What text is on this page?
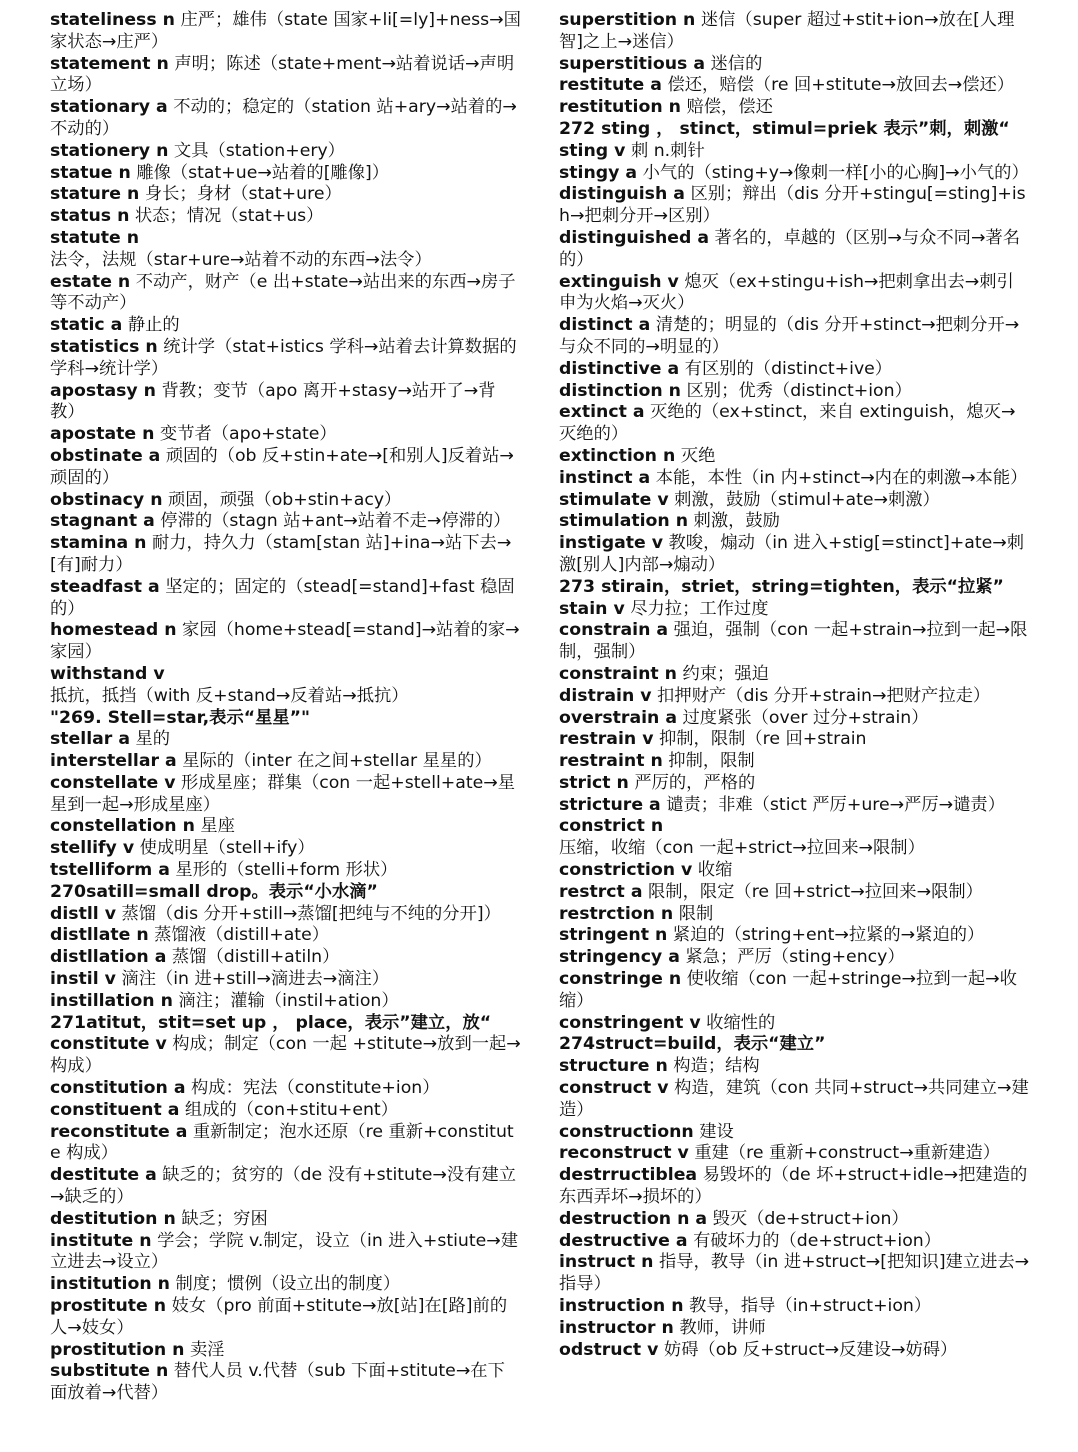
stateliness n 庄严；雄伟（state 国家+li[=ly]+ness→国家状态→庄严）

statement n 声明；陈述（state+ment→站着说话→声明立场）

stationary a 不动的；稳定的（station 站+ary→站着的→不动的）

stationery n 文具（station+ery）

statue n 雕像（stat+ue→站着的[雕像]）

stature n 身长；身材（stat+ure）

status n 状态；情况（stat+us）

statute n 法令，法规（star+ure→站着不动的东西→法令）

estate n 不动产，财产（e 出+state→站出来的东西→房子等不动产）

static a 静止的

statistics n 统计学（stat+istics 学科→站着去计算数据的学科→统计学）

apostasy n 背教；变节（apo 离开+stasy→站开了→背教）

apostate n 变节者（apo+state）

obstinate a 顽固的（ob 反+stin+ate→[和别人]反着站→顽固的）

obstinacy n 顽固，顽强（ob+stin+acy）

stagnant a 停滞的（stagn 站+ant→站着不走→停滞的）

stamina n 耐力，持久力（stam[stan 站]+ina→站下去→[有]耐力）

steadfast a 坚定的；固定的（stead[=stand]+fast 稳固的）

homestead n 家园（home+stead[=stand]→站着的家→家园）

withstand v 抵抗，抵挡（with 反+stand→反着站→抵抗）

"269. Stell=star,表示“星星”"

stellar a 星的

interstellar a 星际的（inter 在之间+stellar 星星的）

constellate v 形成星座；群集（con 一起+stell+ate→星星到一起→形成星座）

constellation n 星座

stellify v 使成明星（stell+ify）

tstelliform a 星形的（stelli+form 形状）

270satill=small drop。表示“小水滴”

distll v 蒸馏（dis 分开+still→蒸馏[把纯与不纯的分开]）

distllate n 蒸馏液（distill+ate）

distllation a 蒸馏（distill+atiln）

instil v 滴注（in 进+still→滴进去→滴注）

instillation n 滴注；灌输（instil+ation）

271atitut，stit=set up ， place，表示”建立，放“

constitute v 构成；制定（con 一起 +stitute→放到一起→构成）

constitution a 构成：宪法（constitute+ion）

constituent a 组成的（con+stitu+ent）

reconstitute a 重新制定；泡水还原（re 重新+constitute 构成）

destitute a 缺乏的；贫穷的（de 没有+stitute→没有建立→缺乏的）

destitution n 缺乏；穷困

institute n 学会；学院 v.制定，设立（in 进入+stiute→建立进去→设立）

institution n 制度；惯例（设立出的制度）

prostitute n 妓女（pro 前面+stitute→放[站]在[路]前的人→妓女）

prostitution n 卖淫

substitute n 替代人员 v.代替（sub 下面+stitute→在下面放着→代替）

superstition n 迷信（super 超过+stit+ion→放在[人理智]之上→迷信）

superstitious a 迷信的

restitute a 偿还，赔偿（re 回+stitute→放回去→偿还）

restitution n 赔偿，偿还

272 sting ， stinct，stimul=priek 表示”刺，刺激“

sting v 刺 n.刺针

stingy a 小气的（sting+y→像刺一样[小的心胸]→小气的）

distinguish a 区别；辩出（dis 分开+stingu[=sting]+ish→把刺分开→区别）

distinguished a 著名的，卓越的（区别→与众不同→著名的）

extinguish v 熄灭（ex+stingu+ish→把刺拿出去→刺引申为火焰→灭火）

distinct a 清楚的；明显的（dis 分开+stinct→把刺分开→与众不同的→明显的）

distinctive a 有区别的（distinct+ive）

distinction n 区别；优秀（distinct+ion）

extinct a 灭绝的（ex+stinct，来自 extinguish，熄灭→灭绝的）

extinction n 灭绝

instinct a 本能，本性（in 内+stinct→内在的刺激→本能）

stimulate v 刺激，鼓励（stimul+ate→刺激）

stimulation n 刺激，鼓励

instigate v 教唆，煽动（in 进入+stig[=stinct]+ate→刺激[别人]内部→煽动）

273 stirain，striet，string=tighten，表示“拉紧”

stain v 尽力拉；工作过度

constrain a 强迫，强制（con 一起+strain→拉到一起→限制，强制）

constraint n 约束；强迫

distrain v 扣押财产（dis 分开+strain→把财产拉走）

overstrain a 过度紧张（over 过分+strain）

restrain v 抑制，限制（re 回+strain

restraint n 抑制，限制

strict n 严厉的，严格的

stricture a 谴责；非难（stict 严厉+ure→严厉→谴责）

constrict n 压缩，收缩（con 一起+strict→拉回来→限制）

constriction v 收缩

restrct a 限制，限定（re 回+strict→拉回来→限制）

restrction n 限制

stringent n 紧迫的（string+ent→拉紧的→紧迫的）

stringency a 紧急；严厉（sting+ency）

constringe n 使收缩（con 一起+stringe→拉到一起→收缩）

constringent v 收缩性的

274struct=build，表示“建立”

structure n 构造；结构

construct v 构造，建筑（con 共同+struct→共同建立→建造）

constructionn 建设

reconstruct v 重建（re 重新+construct→重新建造）

destrructiblea 易毁坏的（de 坏+struct+idle→把建造的东西弄坏→损坏的）

destruction n a 毁灭（de+struct+ion）

destructive a 有破坏力的（de+struct+ion）

instruct n 指导，教导（in 进+struct→[把知识]建立进去→指导）

instruction n 教导，指导（in+struct+ion）

instructor n 教师，讲师

odstruct v 妨碍（ob 反+struct→反建设→妨碍）
